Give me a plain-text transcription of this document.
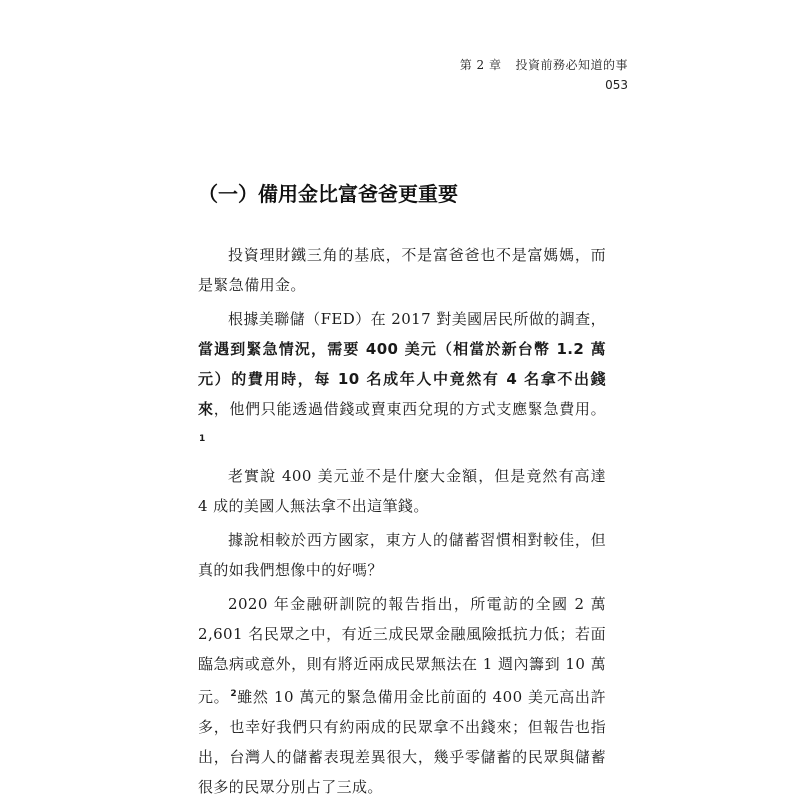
第 2 章 投資前務必知道的事
053
（一）備用金比富爸爸更重要

投資理財鐵三角的基底，不是富爸爸也不是富媽媽，而是緊急備用金。

根據美聯儲（FED）在 2017 對美國居民所做的調查，當遇到緊急情況，需要 400 美元（相當於新台幣 1.2 萬元）的費用時，每 10 名成年人中竟然有 4 名拿不出錢來，他們只能透過借錢或賣東西兌現的方式支應緊急費用。$^1$

老實說 400 美元並不是什麼大金額，但是竟然有高達 4 成的美國人無法拿不出這筆錢。

據說相較於西方國家，東方人的儲蓄習慣相對較佳，但真的如我們想像中的好嗎？

2020 年金融研訓院的報告指出，所電訪的全國 2 萬 2,601 名民眾之中，有近三成民眾金融風險抵抗力低；若面臨急病或意外，則有將近兩成民眾無法在 1 週內籌到 10 萬元。$^2$雖然 10 萬元的緊急備用金比前面的 400 美元高出許多，也幸好我們只有約兩成的民眾拿不出錢來；但報告也指出，台灣人的儲蓄表現差異很大，幾乎零儲蓄的民眾與儲蓄很多的民眾分別占了三成。
